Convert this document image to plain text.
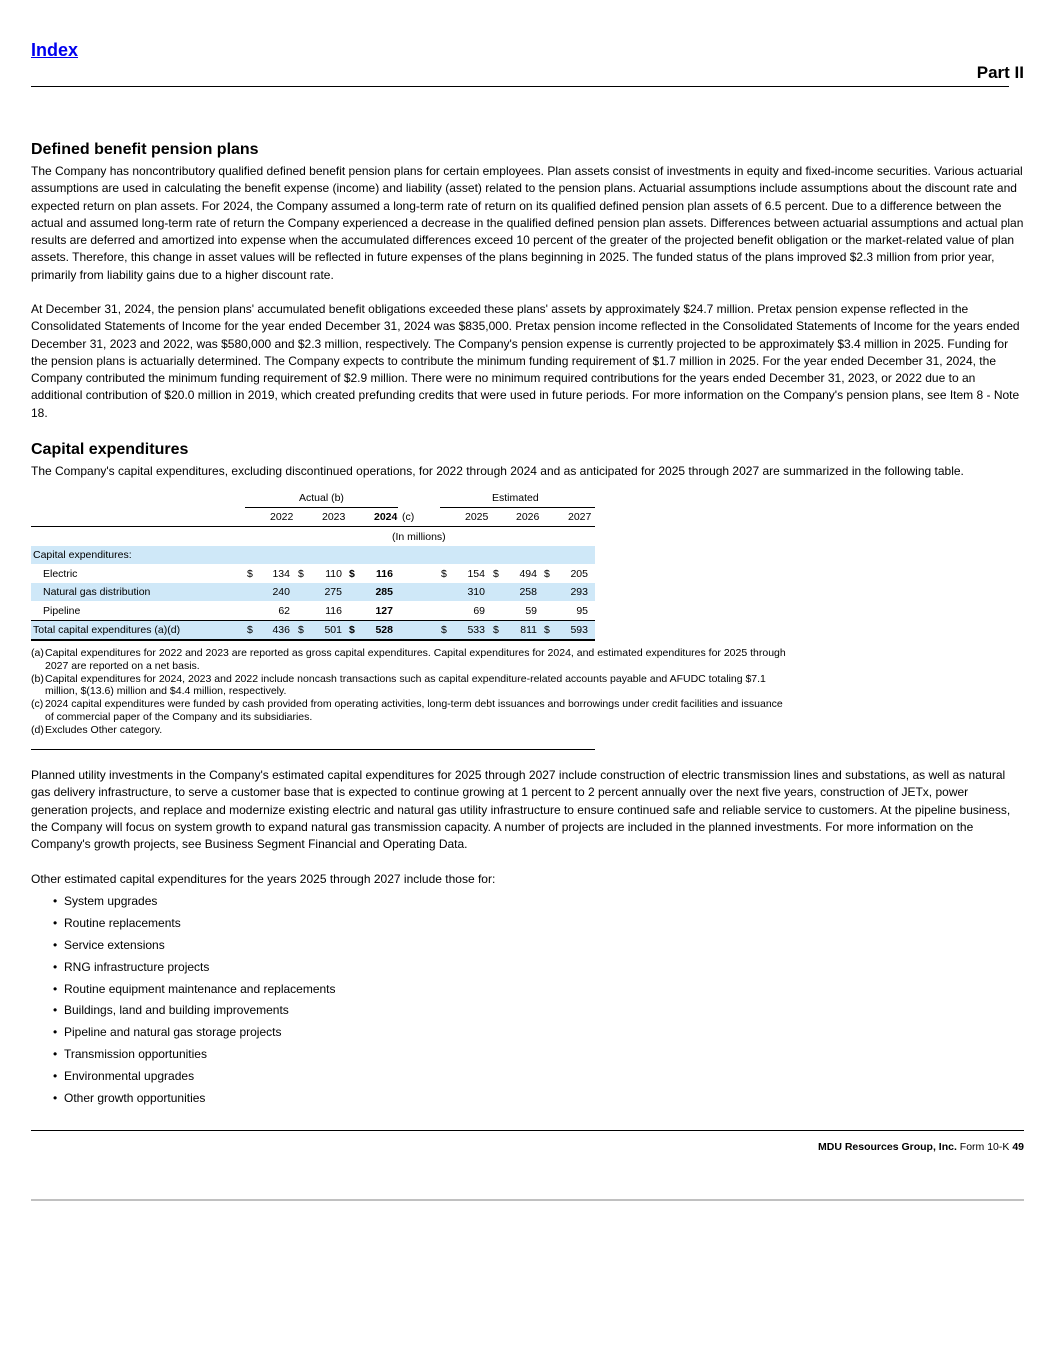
Index
Part II
Defined benefit pension plans
The Company has noncontributory qualified defined benefit pension plans for certain employees. Plan assets consist of investments in equity and fixed-income securities. Various actuarial assumptions are used in calculating the benefit expense (income) and liability (asset) related to the pension plans. Actuarial assumptions include assumptions about the discount rate and expected return on plan assets. For 2024, the Company assumed a long-term rate of return on its qualified defined pension plan assets of 6.5 percent. Due to a difference between the actual and assumed long-term rate of return the Company experienced a decrease in the qualified defined pension plan assets. Differences between actuarial assumptions and actual plan results are deferred and amortized into expense when the accumulated differences exceed 10 percent of the greater of the projected benefit obligation or the market-related value of plan assets. Therefore, this change in asset values will be reflected in future expenses of the plans beginning in 2025. The funded status of the plans improved $2.3 million from prior year, primarily from liability gains due to a higher discount rate.
At December 31, 2024, the pension plans' accumulated benefit obligations exceeded these plans' assets by approximately $24.7 million. Pretax pension expense reflected in the Consolidated Statements of Income for the year ended December 31, 2024 was $835,000. Pretax pension income reflected in the Consolidated Statements of Income for the years ended December 31, 2023 and 2022, was $580,000 and $2.3 million, respectively. The Company's pension expense is currently projected to be approximately $3.4 million in 2025. Funding for the pension plans is actuarially determined. The Company expects to contribute the minimum funding requirement of $1.7 million in 2025. For the year ended December 31, 2024, the Company contributed the minimum funding requirement of $2.9 million. There were no minimum required contributions for the years ended December 31, 2023, or 2022 due to an additional contribution of $20.0 million in 2019, which created prefunding credits that were used in future periods. For more information on the Company's pension plans, see Item 8 - Note 18.
Capital expenditures
The Company's capital expenditures, excluding discontinued operations, for 2022 through 2024 and as anticipated for 2025 through 2027 are summarized in the following table.
Actual (b)	Estimated
2022	2023	2024 (c)	2025	2026	2027
(In millions)
Capital expenditures:
Electric	$	134 $	110 $	116	$	154 $	494 $	205
Natural gas distribution	240	275	285	310	258	293
Pipeline	62	116	127	69	59	95
Total capital expenditures (a)(d)	$	436 $	501 $	528	$	533 $	811 $	593
(a) Capital expenditures for 2022 and 2023 are reported as gross capital expenditures. Capital expenditures for 2024, and estimated expenditures for 2025 through 2027 are reported on a net basis.
(b) Capital expenditures for 2024, 2023 and 2022 include noncash transactions such as capital expenditure-related accounts payable and AFUDC totaling $7.1 million, $(13.6) million and $4.4 million, respectively.
(c) 2024 capital expenditures were funded by cash provided from operating activities, long-term debt issuances and borrowings under credit facilities and issuance of commercial paper of the Company and its subsidiaries.
(d) Excludes Other category.
Planned utility investments in the Company's estimated capital expenditures for 2025 through 2027 include construction of electric transmission lines and substations, as well as natural gas delivery infrastructure, to serve a customer base that is expected to continue growing at 1 percent to 2 percent annually over the next five years, construction of JETx, power generation projects, and replace and modernize existing electric and natural gas utility infrastructure to ensure continued safe and reliable service to customers. At the pipeline business, the Company will focus on system growth to expand natural gas transmission capacity. A number of projects are included in the planned investments. For more information on the Company's growth projects, see Business Segment Financial and Operating Data.
Other estimated capital expenditures for the years 2025 through 2027 include those for:
• System upgrades
• Routine replacements
• Service extensions
• RNG infrastructure projects
• Routine equipment maintenance and replacements
• Buildings, land and building improvements
• Pipeline and natural gas storage projects
• Transmission opportunities
• Environmental upgrades
• Other growth opportunities
MDU Resources Group, Inc. Form 10-K 49
